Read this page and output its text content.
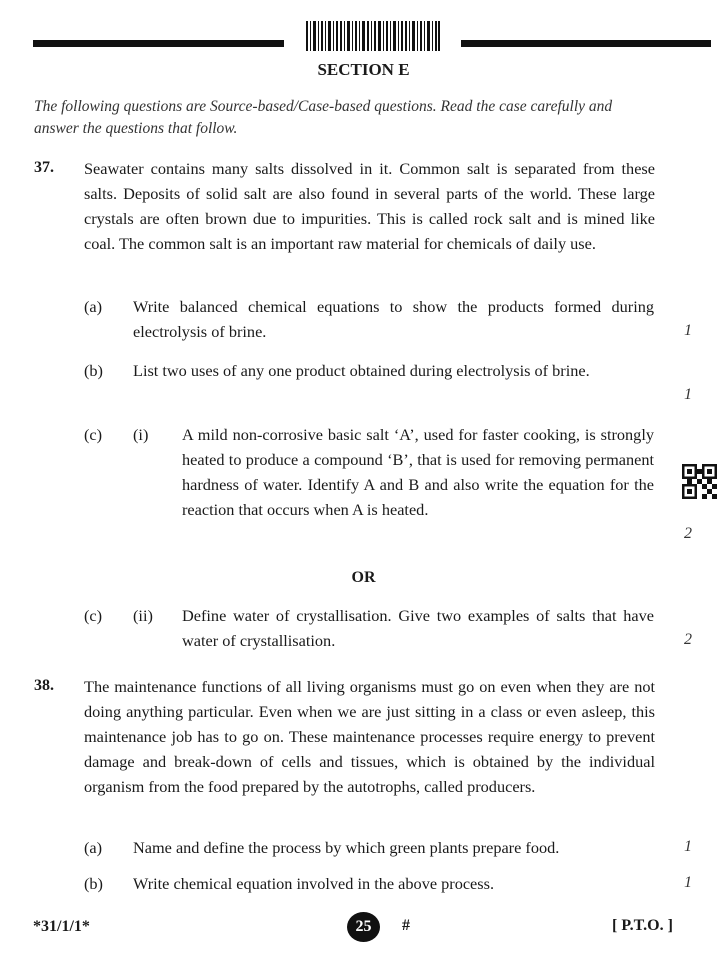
SECTION E
The following questions are Source-based/Case-based questions. Read the case carefully and answer the questions that follow.
37. Seawater contains many salts dissolved in it. Common salt is separated from these salts. Deposits of solid salt are also found in several parts of the world. These large crystals are often brown due to impurities. This is called rock salt and is mined like coal. The common salt is an important raw material for chemicals of daily use.
(a) Write balanced chemical equations to show the products formed during electrolysis of brine.	1
(b) List two uses of any one product obtained during electrolysis of brine.
1
(c) (i) A mild non-corrosive basic salt ‘A’, used for faster cooking, is strongly heated to produce a compound ‘B’, that is used for removing permanent hardness of water. Identify A and B and also write the equation for the reaction that occurs when A is heated.
2
OR
(c) (ii) Define water of crystallisation. Give two examples of salts that have water of crystallisation.	2
38. The maintenance functions of all living organisms must go on even when they are not doing anything particular. Even when we are just sitting in a class or even asleep, this maintenance job has to go on. These maintenance processes require energy to prevent damage and break-down of cells and tissues, which is obtained by the individual organism from the food prepared by the autotrophs, called producers.
(a) Name and define the process by which green plants prepare food.	1
(b) Write chemical equation involved in the above process.	1
*31/1/1*	25	#	[ P.T.O. ]
